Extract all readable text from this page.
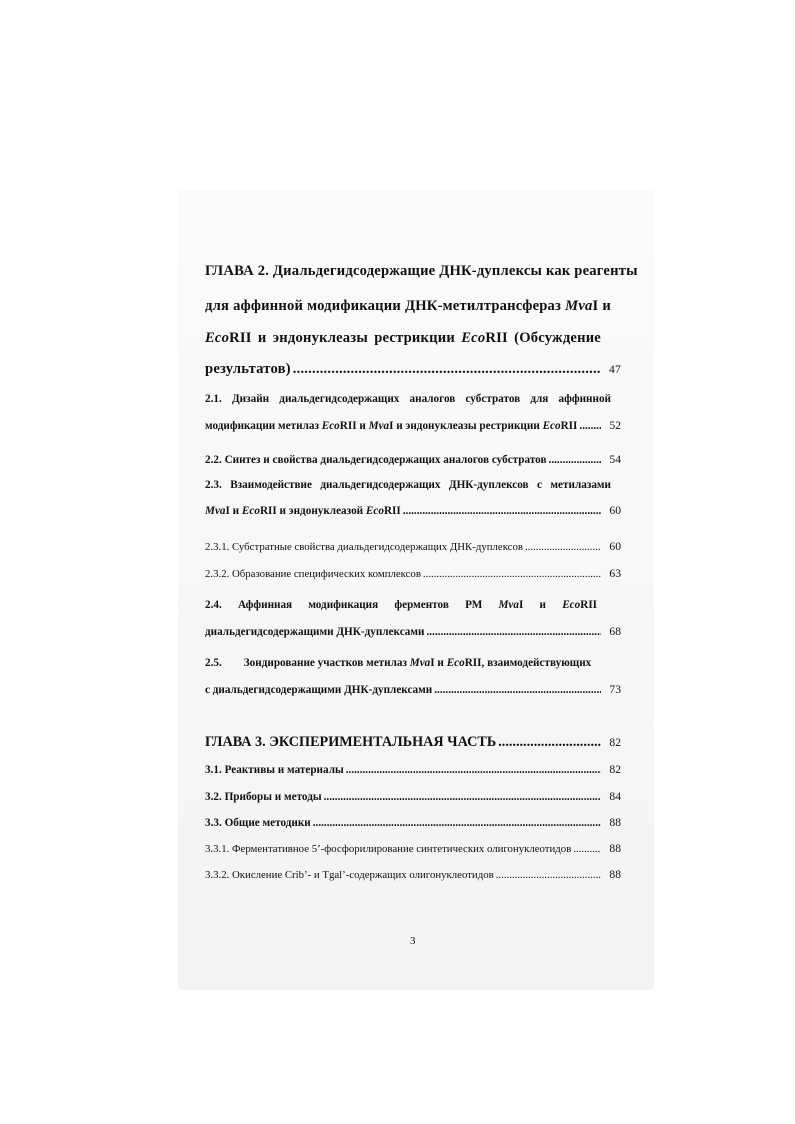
ГЛАВА 2. Диальдегидсодержащие ДНК-дуплексы как реагенты
для аффинной модификации ДНК-метилтрансфераз MvaI и
EcoRII и эндонуклеазы рестрикции EcoRII (Обсуждение
результатов) .....	47
2.1. Дизайн диальдегидсодержащих аналогов субстратов для аффинной
модификации метилаз EcoRII и MvaI и эндонуклеазы рестрикции EcoRII .....	52
2.2. Синтез и свойства диальдегидсодержащих аналогов субстратов .....	54
2.3. Взаимодействие диальдегидсодержащих ДНК-дуплексов с метилазами
MvaI и EcoRII и эндонуклеазой EcoRII .....	60
2.3.1. Субстратные свойства диальдегидсодержащих ДНК-дуплексов .....	60
2.3.2. Образование специфических комплексов .....	63
2.4. Аффинная модификация ферментов РМ MvaI и EcoRII
диальдегидсодержащими ДНК-дуплексами .....	68
2.5. Зондирование участков метилаз MvaI и EcoRII, взаимодействующих
с диальдегидсодержащими ДНК-дуплексами .....	73
ГЛАВА 3. ЭКСПЕРИМЕНТАЛЬНАЯ ЧАСТЬ .....	82
3.1. Реактивы и материалы .....	82
3.2. Приборы и методы .....	84
3.3. Общие методики .....	88
3.3.1. Ферментативное 5’-фосфорилирование синтетических олигонуклеотидов .....	88
3.3.2. Окисление Crib’- и Tgal’-содержащих олигонуклеотидов .....	88
3
